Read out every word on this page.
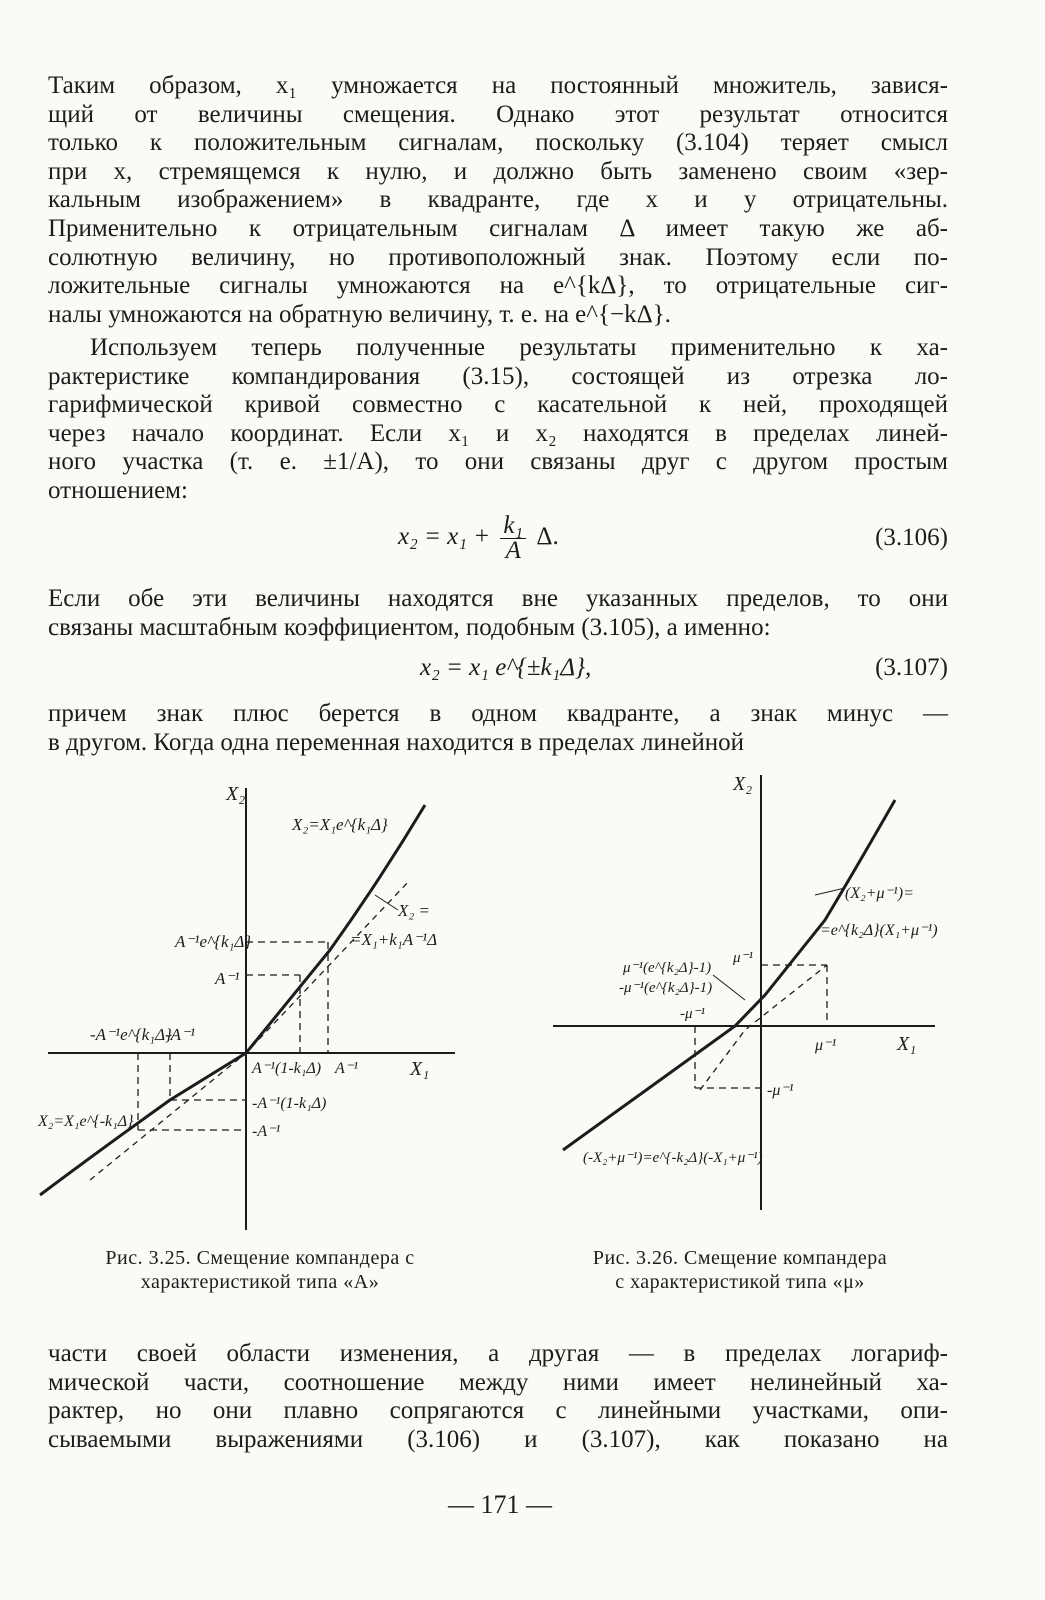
Таким образом, x₁ умножается на постоянный множитель, завися-
щий от величины смещения. Однако этот результат относится
только к положительным сигналам, поскольку (3.104) теряет смысл
при x, стремящемся к нулю, и должно быть заменено своим «зер-
кальным изображением» в квадранте, где x и y отрицательны.
Применительно к отрицательным сигналам Δ имеет такую же аб-
солютную величину, но противоположный знак. Поэтому если по-
ложительные сигналы умножаются на e^{kΔ}, то отрицательные сиг-
налы умножаются на обратную величину, т. е. на e^{−kΔ}.
Используем теперь полученные результаты применительно к ха-
рактеристике компандирования (3.15), состоящей из отрезка ло-
гарифмической кривой совместно с касательной к ней, проходящей
через начало координат. Если x₁ и x₂ находятся в пределах линей-
ного участка (т. е. ±1/A), то они связаны друг с другом простым
отношением:
$x_2 = x_1 + \frac{\text{k₁}}{A} \Delta$.	(3.106)
Если обе эти величины находятся вне указанных пределов, то они
связаны масштабным коэффициентом, подобным (3.105), а именно:
x₂ = x₁ e^{±k₁Δ},	(3.107)
причем знак плюс берется в одном квадранте, а знак минус —
в другом. Когда одна переменная находится в пределах линейной
X₂
X₁
X₂=X₁e^{k₁Δ}
X₂ =
=X₁+k₁A⁻¹Δ
A⁻¹e^{k₁Δ}
A⁻¹
-A⁻¹e^{k₁Δ}
-A⁻¹
A⁻¹(1-k₁Δ) A⁻¹
-A⁻¹(1-k₁Δ)
-A⁻¹
X₂=X₁e^{-k₁Δ}
X₂
X₁
(X₂+μ⁻¹)=
=e^{k₂Δ}(X₁+μ⁻¹)
μ⁻¹(e^{k₂Δ}-1)
μ⁻¹
-μ⁻¹(e^{k₂Δ}-1)
-μ⁻¹
μ⁻¹
-μ⁻¹
(-X₂+μ⁻¹)=e^{-k₂Δ}(-X₁+μ⁻¹)
Рис. 3.25. Смещение компандера с
характеристикой типа «A»
Рис. 3.26. Смещение компандера
с характеристикой типа «μ»
части своей области изменения, а другая — в пределах логариф-
мической части, соотношение между ними имеет нелинейный ха-
рактер, но они плавно сопрягаются с линейными участками, опи-
сываемыми выражениями (3.106) и (3.107), как показано на
— 171 —
